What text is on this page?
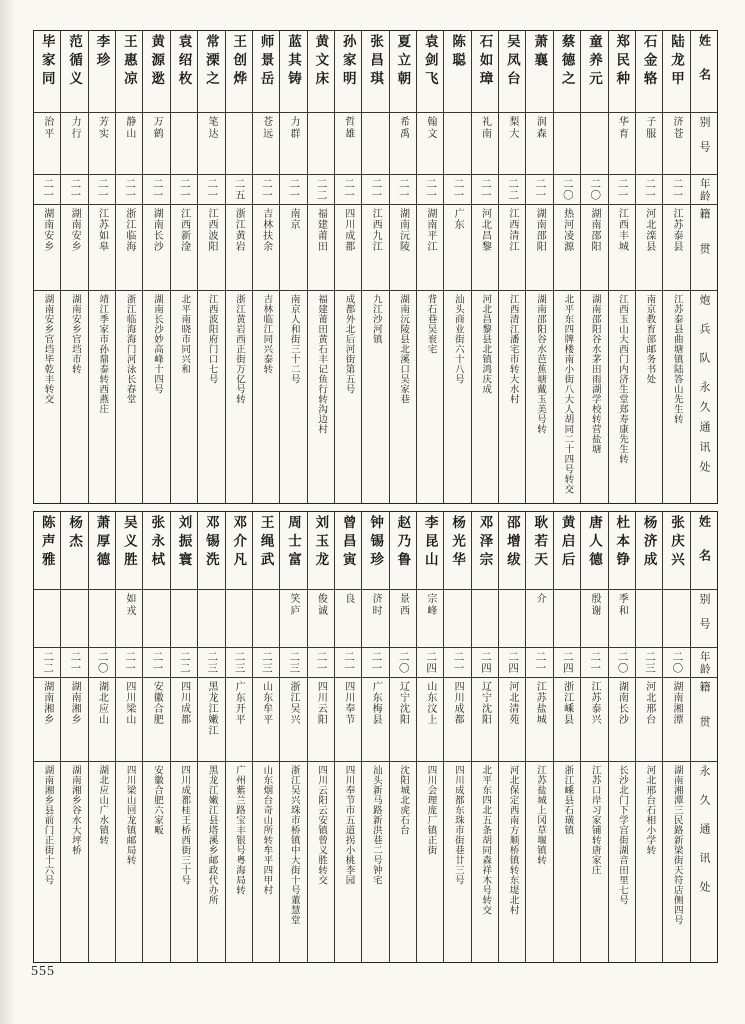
姓名
别号
年龄
籍贯
炮兵队永久通讯处
陆龙甲
济苍
二一
江苏泰县
江苏泰县曲塘镇陆答山先生转
石金辂
子服
二一
河北滦县
南京教育部邮务书处
郑民种
华育
二一
江西丰城
江西玉山大西门内济生堂郑寿康先生转
童养元
二〇
湖南邵阳
湖南邵阳谷水茅田雨湖学校转营盐塘
蔡德之
二〇
热河凌源
北平东四牌楼南小街八大人胡同二十四号转交
萧襄
润森
二一
湖南邵阳
湖南邵阳谷水芭蕉塘戴玉美号转
吴凤台
梨大
二二
江西清江
江西清江潘宅市转大水村
石如璋
礼南
二一
河北昌黎
河北昌黎县北镇鸿庆成
陈聪
二一
广东
汕头商业街六十八号
袁剑飞
翰文
二一
湖南平江
背石巷吴衮宅
夏立朝
希禹
二一
湖南沅陵
湖南沅陵县北溪口吴家巷
张昌琪
二一
江西九江
九江沙河镇
孙家明
哲雄
二一
四川成都
成都外北后河街第五号
黄文床
二二
福建莆田
福建莆田黄石丰记鱼行转沟边村
蓝其铸
力群
二一
南京
南京人和街三十二号
师景岳
苍远
二一
吉林扶余
吉林临江同兴泰转
王创烨
二五
浙江黄岩
浙江黄岩西正街万亿号转
常溧之
笔达
二一
江西波阳
江西波阳府门口七号
袁绍枚
二一
江西新淦
北平南晓市同兴和
黄源逖
万鹤
二一
湖南长沙
湖南长沙妙高峰十四号
王惠凉
静山
二一
浙江临海
浙江临海海门河泳长春堂
李珍
芳实
二一
江苏如皋
靖江季家市孙鼎泰转西燕庄
范循义
力行
二一
湖南安乡
湖南安乡官垱市转
毕家同
治平
二一
湖南安乡
湖南安乡官垱毕乾丰转交
姓名
别号
年龄
籍贯
永久通讯处
张庆兴
二〇
湖南湘潭
湖南湘潭三民路新梁街天符店侧四号
杨济成
二三
河北邢台
河北邢台石相小学转
杜本铮
季和
二〇
湖南长沙
长沙北门下学宫街湖音田里七号
唐人德
殷谢
二一
江苏泰兴
江苏口岸习家铺转唐家庄
黄启后
二四
浙江嵊县
浙江嵊县石璜镇
耿若天
介
二一
江苏盐城
江苏盐城上冈草堰镇转
邵增绂
二四
河北清苑
河北保定西南方顺桥镇转东堤北村
邓泽宗
二四
辽宁沈阳
北平东四北五条胡同森祥木号转交
杨光华
二一
四川成都
四川成都东珠市街巷廿三号
李昆山
宗峰
二四
山东汶上
四川会理庞厂镇正街
赵乃鲁
景西
二〇
辽宁沈阳
沈阳城北虎石台
钟锡珍
济时
二一
广东梅县
汕头新马路新洪巷二号钟宅
曾昌寅
良
二一
四川奉节
四川奉节市五道拐小桃李园
刘玉龙
俊诚
二一
四川云阳
四川云阳云安镇曾义胜转交
周士富
笑庐
二三
浙江吴兴
浙江吴兴珠市桥镇中大街十号董慧堂
王绳武
二三
山东牟平
山东烟台奇山所转牟平四甲村
邓介凡
二三
广东开平
广州紫兰路宝丰银号粤海局转
邓锡洗
二三
黑龙江嫩江
黑龙江嫩江县塔溪乡邮政代办所
刘振寰
二二
四川成都
四川成都桂王桥西街三十号
张永栻
二一
安徽合肥
安徽合肥六家畈
吴义胜
如戎
二一
四川梁山
四川梁山回龙镇邮局转
萧厚德
二〇
湖北应山
湖北应山广水镇转
杨杰
二一
湖南湘乡
湖南湘乡谷水大坪桥
陈声雅
二二
湖南湘乡
湖南湘乡县前门正街十六号
555
